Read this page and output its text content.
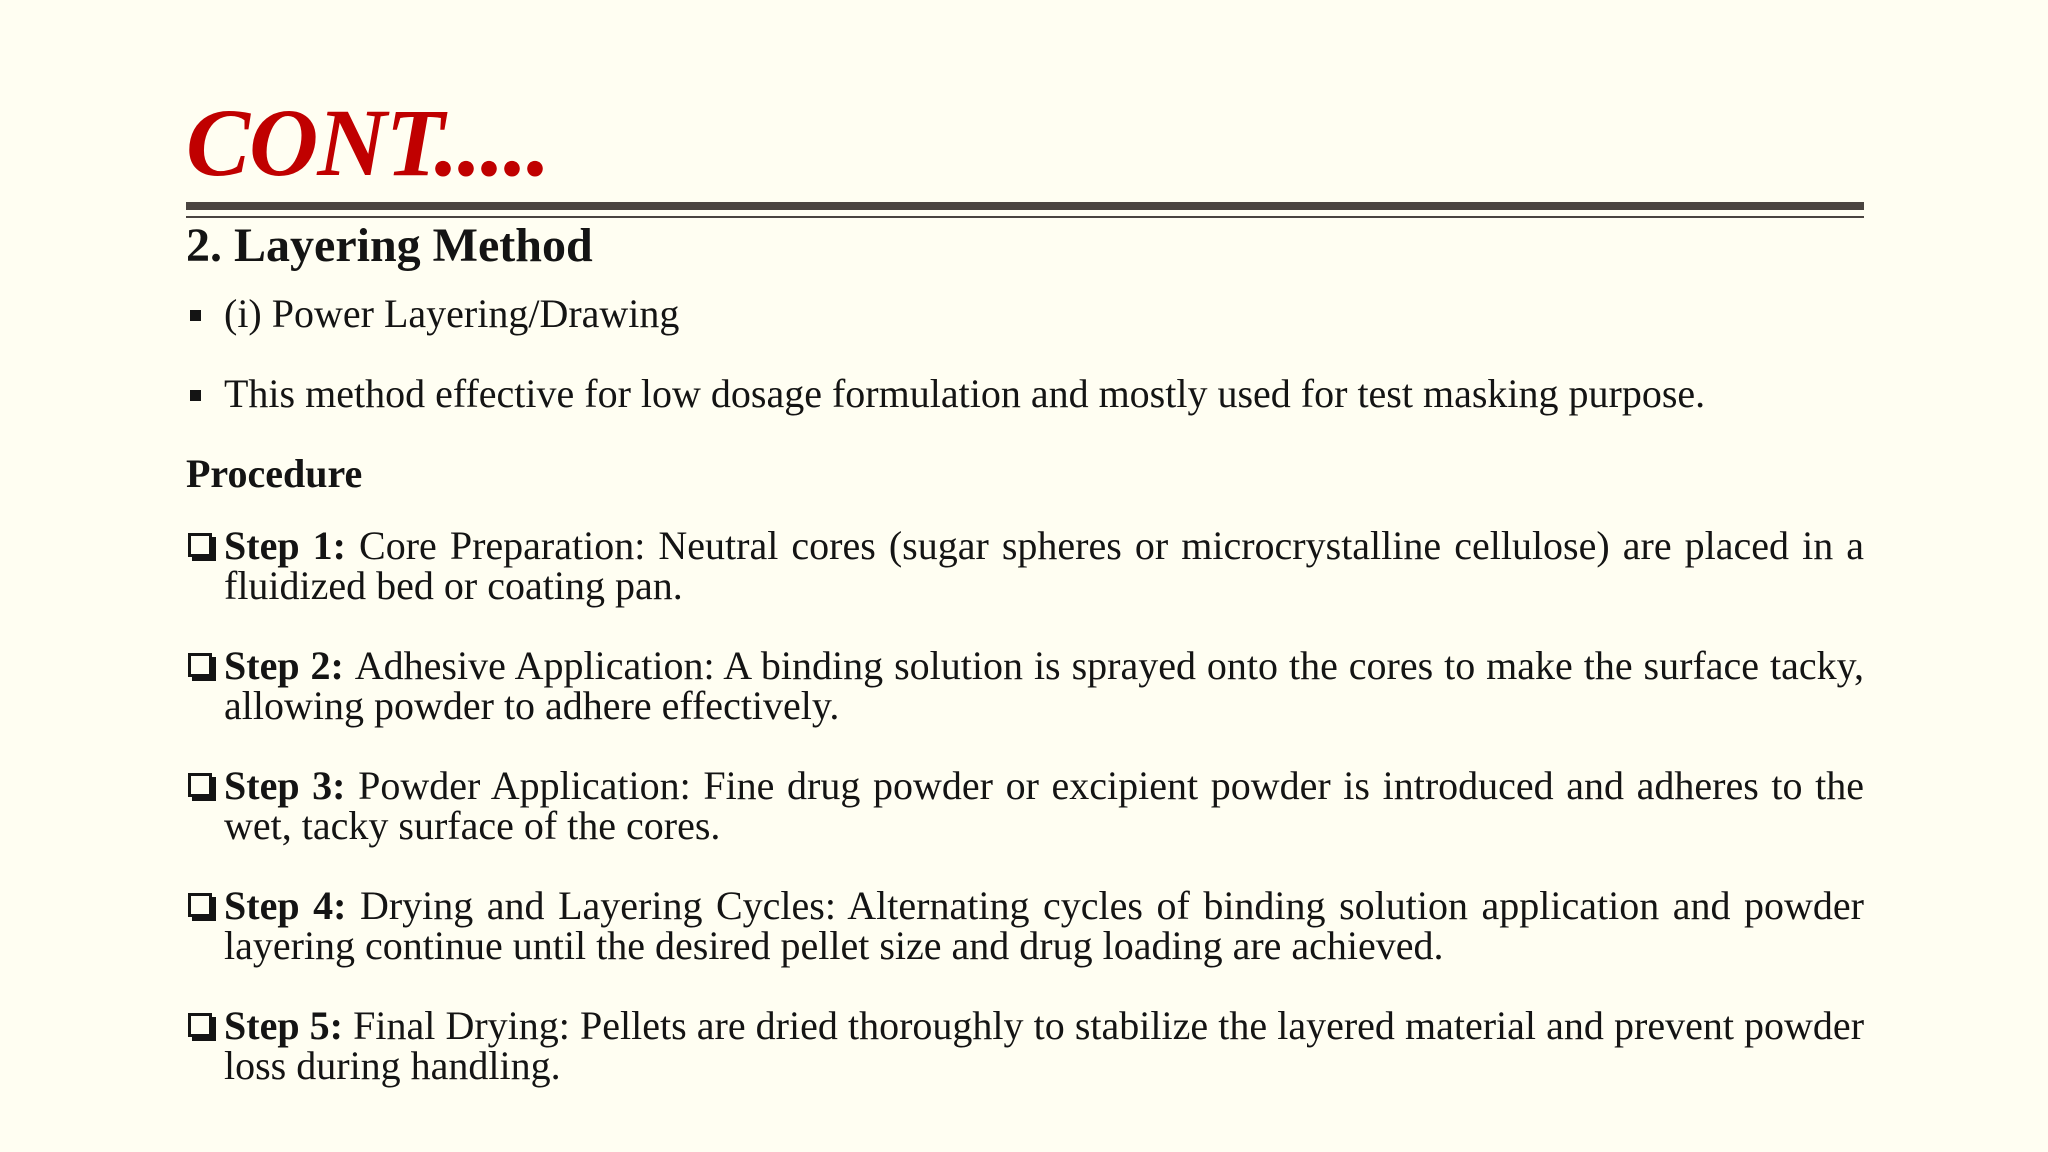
CONT.....
2. Layering Method
(i) Power Layering/Drawing
This method effective for low dosage formulation and mostly used for test masking purpose.
Procedure
Step 1: Core Preparation: Neutral cores (sugar spheres or microcrystalline cellulose) are placed in a fluidized bed or coating pan.
Step 2: Adhesive Application: A binding solution is sprayed onto the cores to make the surface tacky, allowing powder to adhere effectively.
Step 3: Powder Application: Fine drug powder or excipient powder is introduced and adheres to the wet, tacky surface of the cores.
Step 4: Drying and Layering Cycles: Alternating cycles of binding solution application and powder layering continue until the desired pellet size and drug loading are achieved.
Step 5: Final Drying: Pellets are dried thoroughly to stabilize the layered material and prevent powder loss during handling.
